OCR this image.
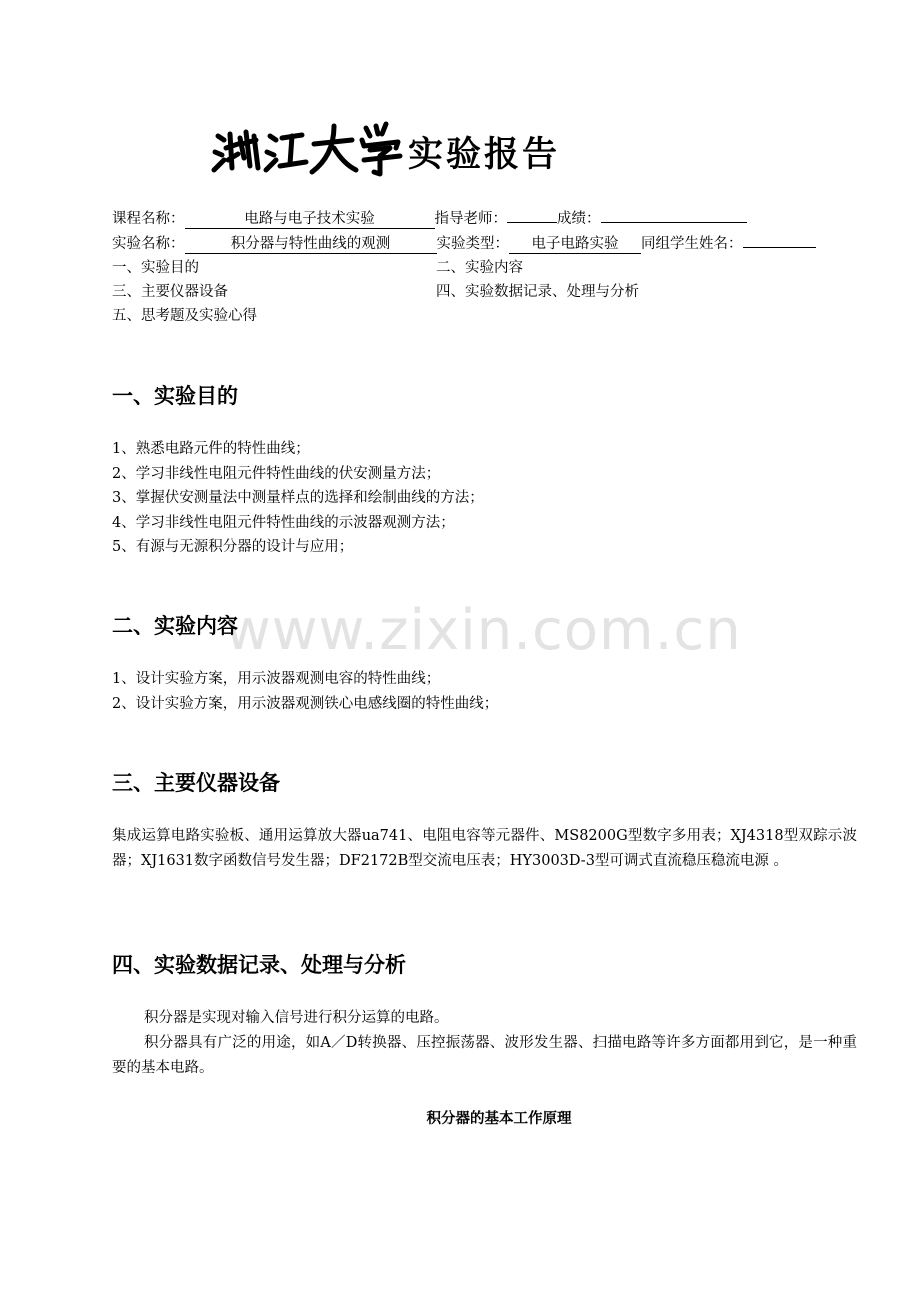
www.zixin.com.cn
实验报告
课程名称：	电路与电子技术实验	指导老师：	成绩：
实验名称：	积分器与特性曲线的观测	实验类型： 电子电路实验 同组学生姓名：
一、实验目的	二、实验内容
三、主要仪器设备	四、实验数据记录、处理与分析
五、思考题及实验心得
一、实验目的
1、熟悉电路元件的特性曲线；
2、学习非线性电阻元件特性曲线的伏安测量方法；
3、掌握伏安测量法中测量样点的选择和绘制曲线的方法；
4、学习非线性电阻元件特性曲线的示波器观测方法；
5、有源与无源积分器的设计与应用；
二、实验内容
1、设计实验方案，用示波器观测电容的特性曲线；
2、设计实验方案，用示波器观测铁心电感线圈的特性曲线；
三、主要仪器设备
集成运算电路实验板、通用运算放大器ua741、电阻电容等元器件、MS8200G型数字多用表；XJ4318型双踪示波器；XJ1631数字函数信号发生器；DF2172B型交流电压表；HY3003D-3型可调式直流稳压稳流电源 。
四、实验数据记录、处理与分析

积分器是实现对输入信号进行积分运算的电路。

积分器具有广泛的用途，如A／D转换器、压控振荡器、波形发生器、扫描电路等许多方面都用到它，是一种重要的基本电路。

积分器的基本工作原理
